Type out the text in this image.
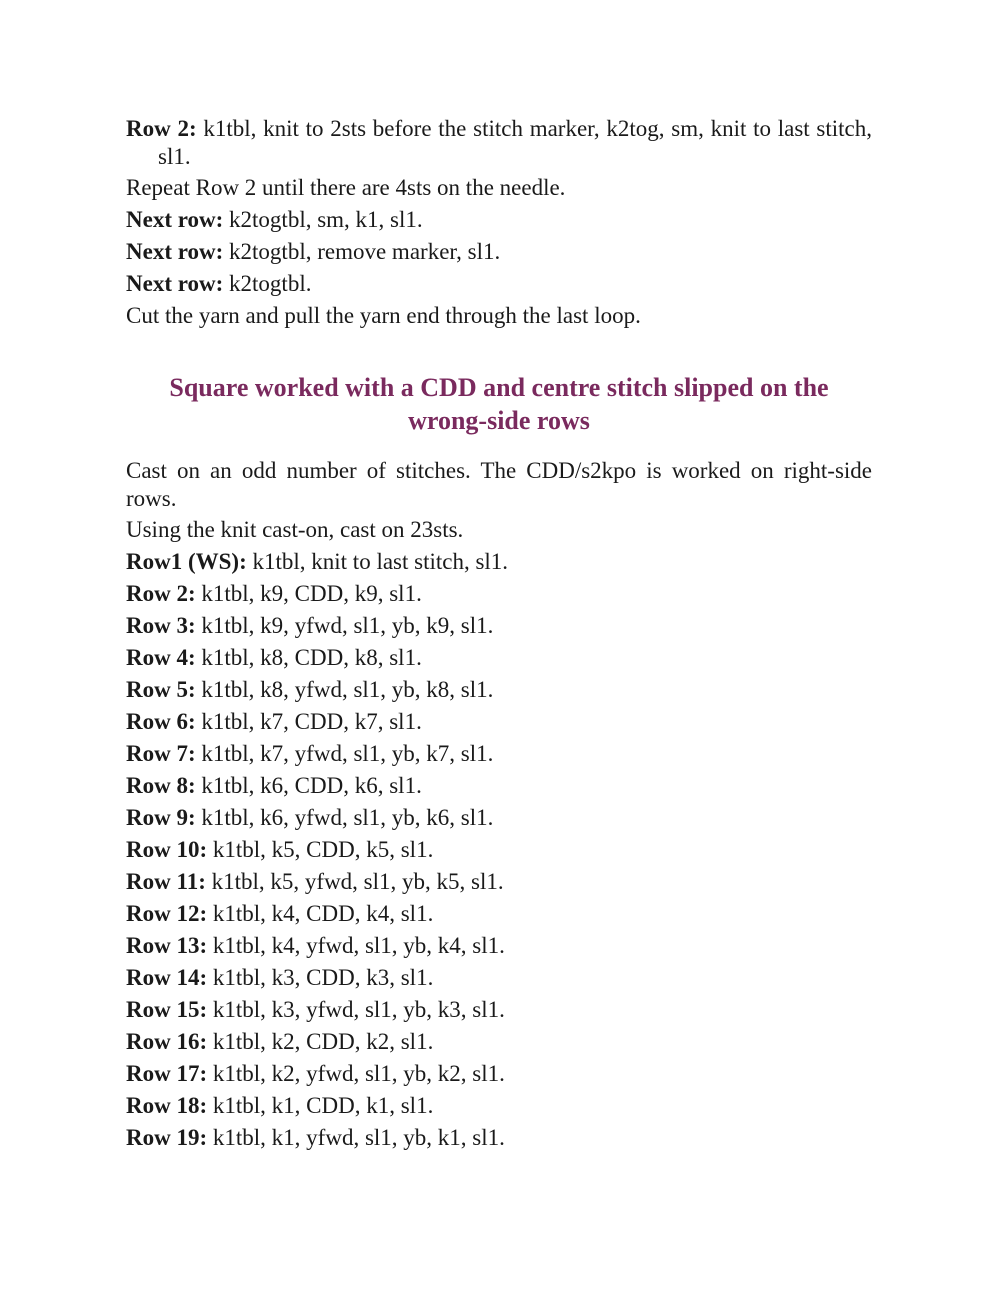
Row 2: k1tbl, knit to 2sts before the stitch marker, k2tog, sm, knit to last stitch, sl1.
Repeat Row 2 until there are 4sts on the needle.
Next row: k2togtbl, sm, k1, sl1.
Next row: k2togtbl, remove marker, sl1.
Next row: k2togtbl.
Cut the yarn and pull the yarn end through the last loop.
Square worked with a CDD and centre stitch slipped on the wrong-side rows
Cast on an odd number of stitches. The CDD/s2kpo is worked on right-side rows.
Using the knit cast-on, cast on 23sts.
Row1 (WS): k1tbl, knit to last stitch, sl1.
Row 2: k1tbl, k9, CDD, k9, sl1.
Row 3: k1tbl, k9, yfwd, sl1, yb, k9, sl1.
Row 4: k1tbl, k8, CDD, k8, sl1.
Row 5: k1tbl, k8, yfwd, sl1, yb, k8, sl1.
Row 6: k1tbl, k7, CDD, k7, sl1.
Row 7: k1tbl, k7, yfwd, sl1, yb, k7, sl1.
Row 8: k1tbl, k6, CDD, k6, sl1.
Row 9: k1tbl, k6, yfwd, sl1, yb, k6, sl1.
Row 10: k1tbl, k5, CDD, k5, sl1.
Row 11: k1tbl, k5, yfwd, sl1, yb, k5, sl1.
Row 12: k1tbl, k4, CDD, k4, sl1.
Row 13: k1tbl, k4, yfwd, sl1, yb, k4, sl1.
Row 14: k1tbl, k3, CDD, k3, sl1.
Row 15: k1tbl, k3, yfwd, sl1, yb, k3, sl1.
Row 16: k1tbl, k2, CDD, k2, sl1.
Row 17: k1tbl, k2, yfwd, sl1, yb, k2, sl1.
Row 18: k1tbl, k1, CDD, k1, sl1.
Row 19: k1tbl, k1, yfwd, sl1, yb, k1, sl1.
